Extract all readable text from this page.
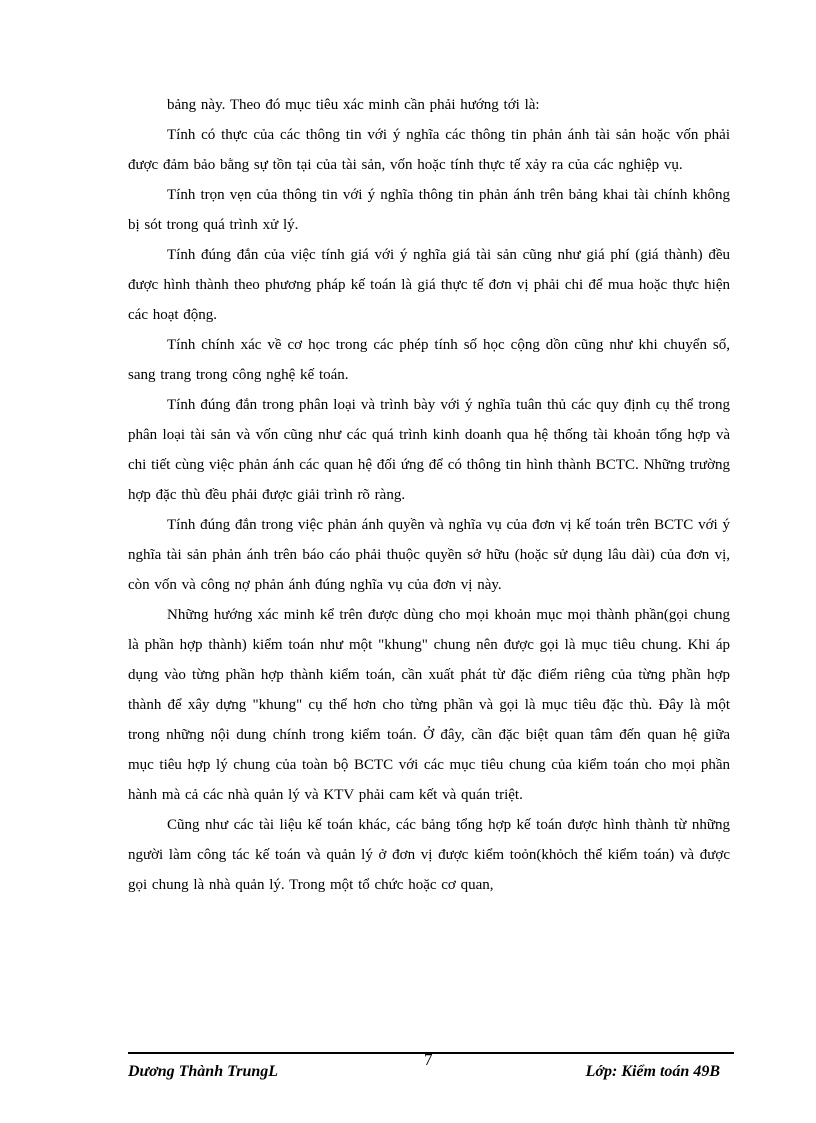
bảng này. Theo đó mục tiêu xác minh cần phải hướng tới là:

Tính có thực của các thông tin với ý nghĩa các thông tin phản ánh tài sản hoặc vốn phải được đảm bảo bằng sự tồn tại của tài sản, vốn hoặc tính thực tế xảy ra của các nghiệp vụ.

Tính trọn vẹn của thông tin với ý nghĩa thông tin phản ánh trên bảng khai tài chính không bị sót trong quá trình xử lý.

Tính đúng đắn của việc tính giá với ý nghĩa giá tài sản cũng như giá phí (giá thành) đều được hình thành theo phương pháp kế toán là giá thực tế đơn vị phải chi để mua hoặc thực hiện các hoạt động.

Tính chính xác về cơ học trong các phép tính số học cộng dồn cũng như khi chuyển số, sang trang trong công nghệ kế toán.

Tính đúng đắn trong phân loại và trình bày với ý nghĩa tuân thủ các quy định cụ thể trong phân loại tài sản và vốn cũng như các quá trình kinh doanh qua hệ thống tài khoản tổng hợp và chi tiết cùng việc phản ánh các quan hệ đối ứng để có thông tin hình thành BCTC. Những trường hợp đặc thù đều phải được giải trình rõ ràng.

Tính đúng đắn trong việc phản ánh quyền và nghĩa vụ của đơn vị kế toán trên BCTC với ý nghĩa tài sản phản ánh trên báo cáo phải thuộc quyền sở hữu (hoặc sử dụng lâu dài) của đơn vị, còn vốn và công nợ phản ánh đúng nghĩa vụ của đơn vị này.

Những hướng xác minh kể trên được dùng cho mọi khoản mục mọi thành phần(gọi chung là phần hợp thành) kiểm toán như một "khung" chung nên được gọi là mục tiêu chung. Khi áp dụng vào từng phần hợp thành kiểm toán, cần xuất phát từ đặc điểm riêng của từng phần hợp thành để xây dựng "khung" cụ thể hơn cho từng phần và gọi là mục tiêu đặc thù. Đây là một trong những nội dung chính trong kiểm toán. Ở đây, cần đặc biệt quan tâm đến quan hệ giữa mục tiêu hợp lý chung của toàn bộ BCTC với các mục tiêu chung của kiểm toán cho mọi phần hành mà cả các nhà quản lý và KTV phải cam kết và quán triệt.

Cũng như các tài liệu kế toán khác, các bảng tổng hợp kế toán được hình thành từ những người làm công tác kế toán và quản lý ở đơn vị được kiểm toỏn(khỏch thể kiểm toán) và được gọi chung là nhà quản lý. Trong một tổ chức hoặc cơ quan,

Dương Thành TrungL
7
Lớp: Kiểm toán 49B
